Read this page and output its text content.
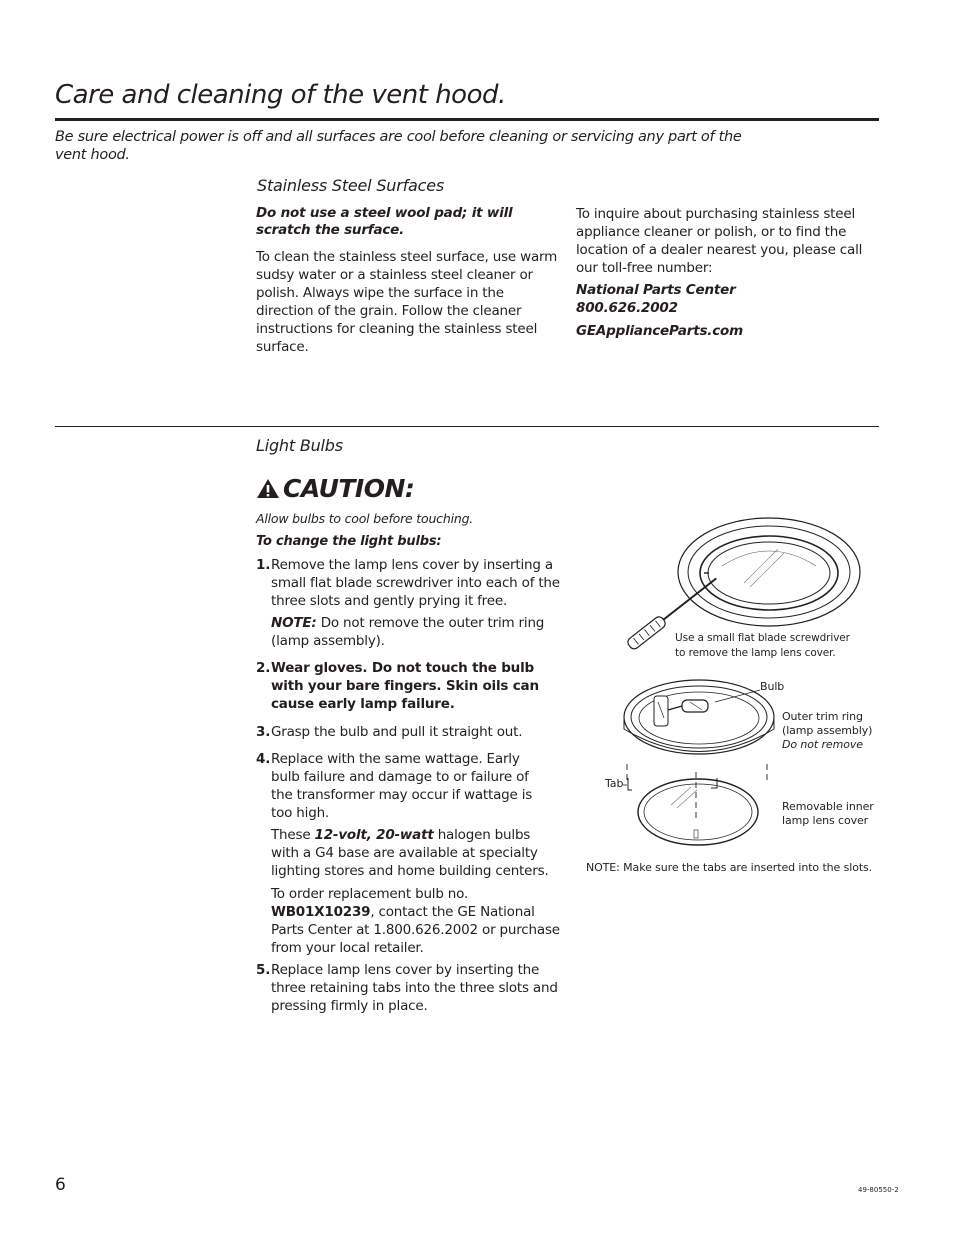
Care and cleaning of the vent hood.
Be sure electrical power is off and all surfaces are cool before cleaning or servicing any part of the vent hood.
Stainless Steel Surfaces
Do not use a steel wool pad; it will scratch the surface.
To clean the stainless steel surface, use warm sudsy water or a stainless steel cleaner or polish. Always wipe the surface in the direction of the grain. Follow the cleaner instructions for cleaning the stainless steel surface.
To inquire about purchasing stainless steel appliance cleaner or polish, or to find the location of a dealer nearest you, please call our toll-free number:
National Parts Center
800.626.2002
GEApplianceParts.com
Light Bulbs
CAUTION:
Allow bulbs to cool before touching.
To change the light bulbs:
1. Remove the lamp lens cover by inserting a small flat blade screwdriver into each of the three slots and gently prying it free.
NOTE: Do not remove the outer trim ring (lamp assembly).
2. Wear gloves. Do not touch the bulb with your bare fingers. Skin oils can cause early lamp failure.
3. Grasp the bulb and pull it straight out.
4. Replace with the same wattage. Early bulb failure and damage to or failure of the transformer may occur if wattage is too high.
These 12-volt, 20-watt halogen bulbs with a G4 base are available at specialty lighting stores and home building centers.
To order replacement bulb no. WB01X10239, contact the GE National Parts Center at 1.800.626.2002 or purchase from your local retailer.
5. Replace lamp lens cover by inserting the three retaining tabs into the three slots and pressing firmly in place.
Use a small flat blade screwdriver
to remove the lamp lens cover.
Bulb
Outer trim ring
(lamp assembly)
Do not remove
Tab
Removable inner
lamp lens cover
NOTE: Make sure the tabs are inserted into the slots.
6	49-80550-2
